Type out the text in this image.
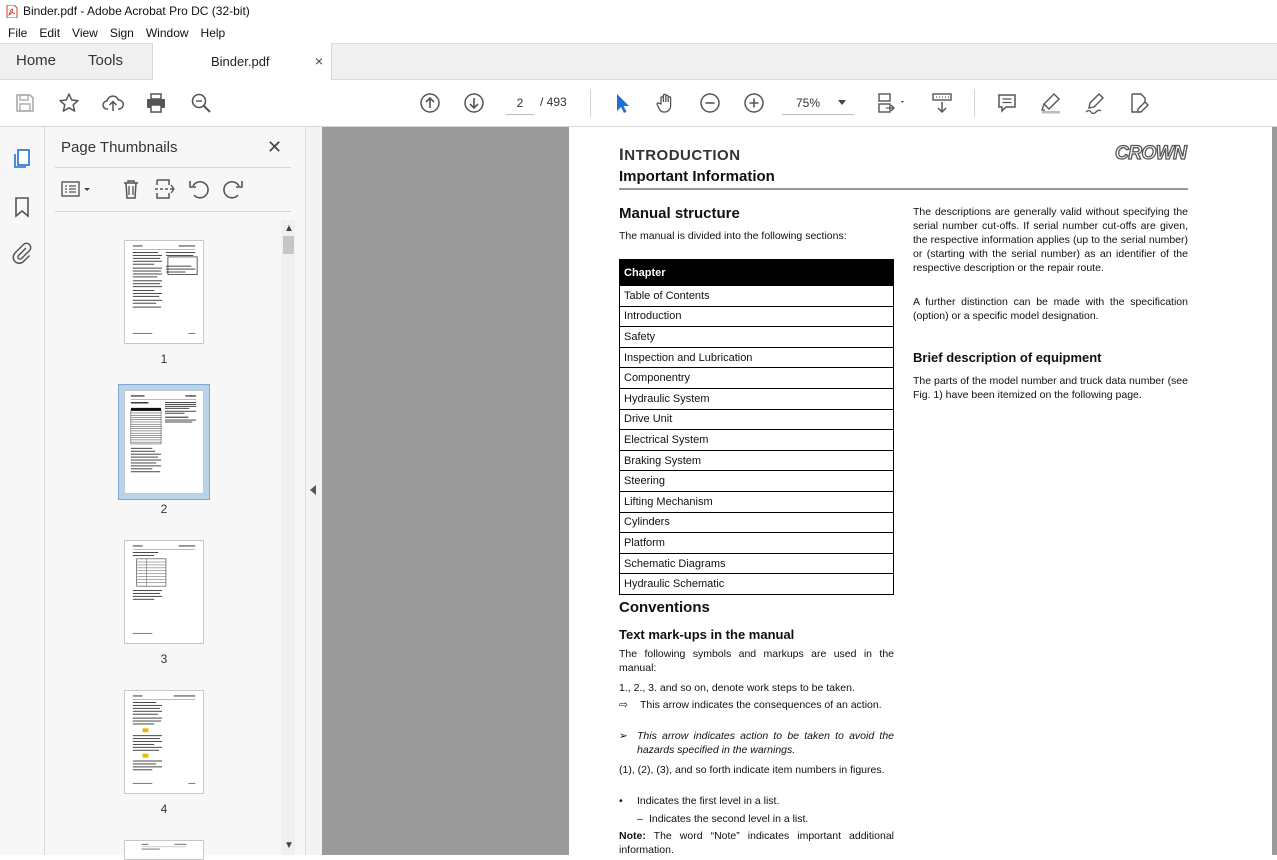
Binder.pdf - Adobe Acrobat Pro DC (32-bit)
File	Edit	View	Sign	Window	Help
Home Tools	Binder.pdf	×
2	/ 493	75%
Page Thumbnails	✕
1
2
3
4
▲
▼
INTRODUCTION
Important Information
CROWN
Manual structure
The manual is divided into the following sections:
Chapter
Table of Contents
Introduction
Safety
Inspection and Lubrication
Componentry
Hydraulic System
Drive Unit
Electrical System
Braking System
Steering
Lifting Mechanism
Cylinders
Platform
Schematic Diagrams
Hydraulic Schematic
Conventions
Text mark-ups in the manual
The following symbols and markups are used in the manual:
1., 2., 3. and so on, denote work steps to be taken.
⇨	This arrow indicates the consequences of an action.
➢ This arrow indicates action to be taken to avoid the hazards specified in the warnings.
(1), (2), (3), and so forth indicate item numbers in figures.
•	Indicates the first level in a list.
– Indicates the second level in a list.
Note: The word “Note” indicates important additional information.
The descriptions are generally valid without specifying the serial number cut-offs. If serial number cut-offs are given, the respective information applies (up to the serial number) or (starting with the serial number) as an identifier of the respective description or the repair route.
A further distinction can be made with the specification (option) or a specific model designation.
Brief description of equipment
The parts of the model number and truck data number (see Fig. 1) have been itemized on the following page.
